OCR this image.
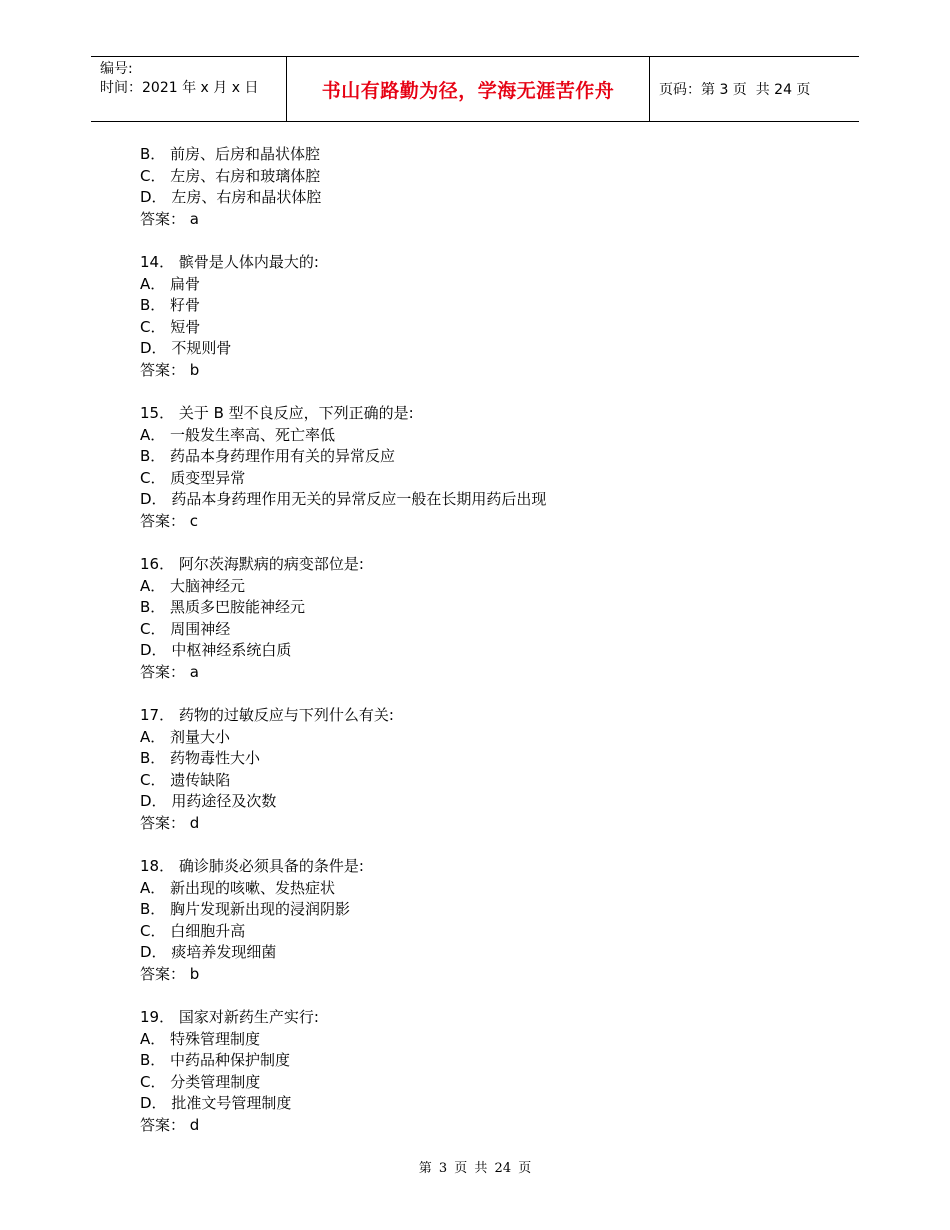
编号:
时间：2021 年 x 月 x 日	书山有路勤为径，学海无涯苦作舟	页码：第 3 页  共 24 页
B． 前房、后房和晶状体腔
C． 左房、右房和玻璃体腔
D． 左房、右房和晶状体腔
答案： a
14． 髌骨是人体内最大的:
A． 扁骨
B． 籽骨
C． 短骨
D． 不规则骨
答案： b
15． 关于 B 型不良反应，下列正确的是:
A． 一般发生率高、死亡率低
B． 药品本身药理作用有关的异常反应
C． 质变型异常
D． 药品本身药理作用无关的异常反应一般在长期用药后出现
答案： c
16． 阿尔茨海默病的病变部位是:
A． 大脑神经元
B． 黑质多巴胺能神经元
C． 周围神经
D． 中枢神经系统白质
答案： a
17． 药物的过敏反应与下列什么有关:
A． 剂量大小
B． 药物毒性大小
C． 遗传缺陷
D． 用药途径及次数
答案： d
18． 确诊肺炎必须具备的条件是:
A． 新出现的咳嗽、发热症状
B． 胸片发现新出现的浸润阴影
C． 白细胞升高
D． 痰培养发现细菌
答案： b
19． 国家对新药生产实行:
A． 特殊管理制度
B． 中药品种保护制度
C． 分类管理制度
D． 批准文号管理制度
答案： d
第 3 页 共 24 页
